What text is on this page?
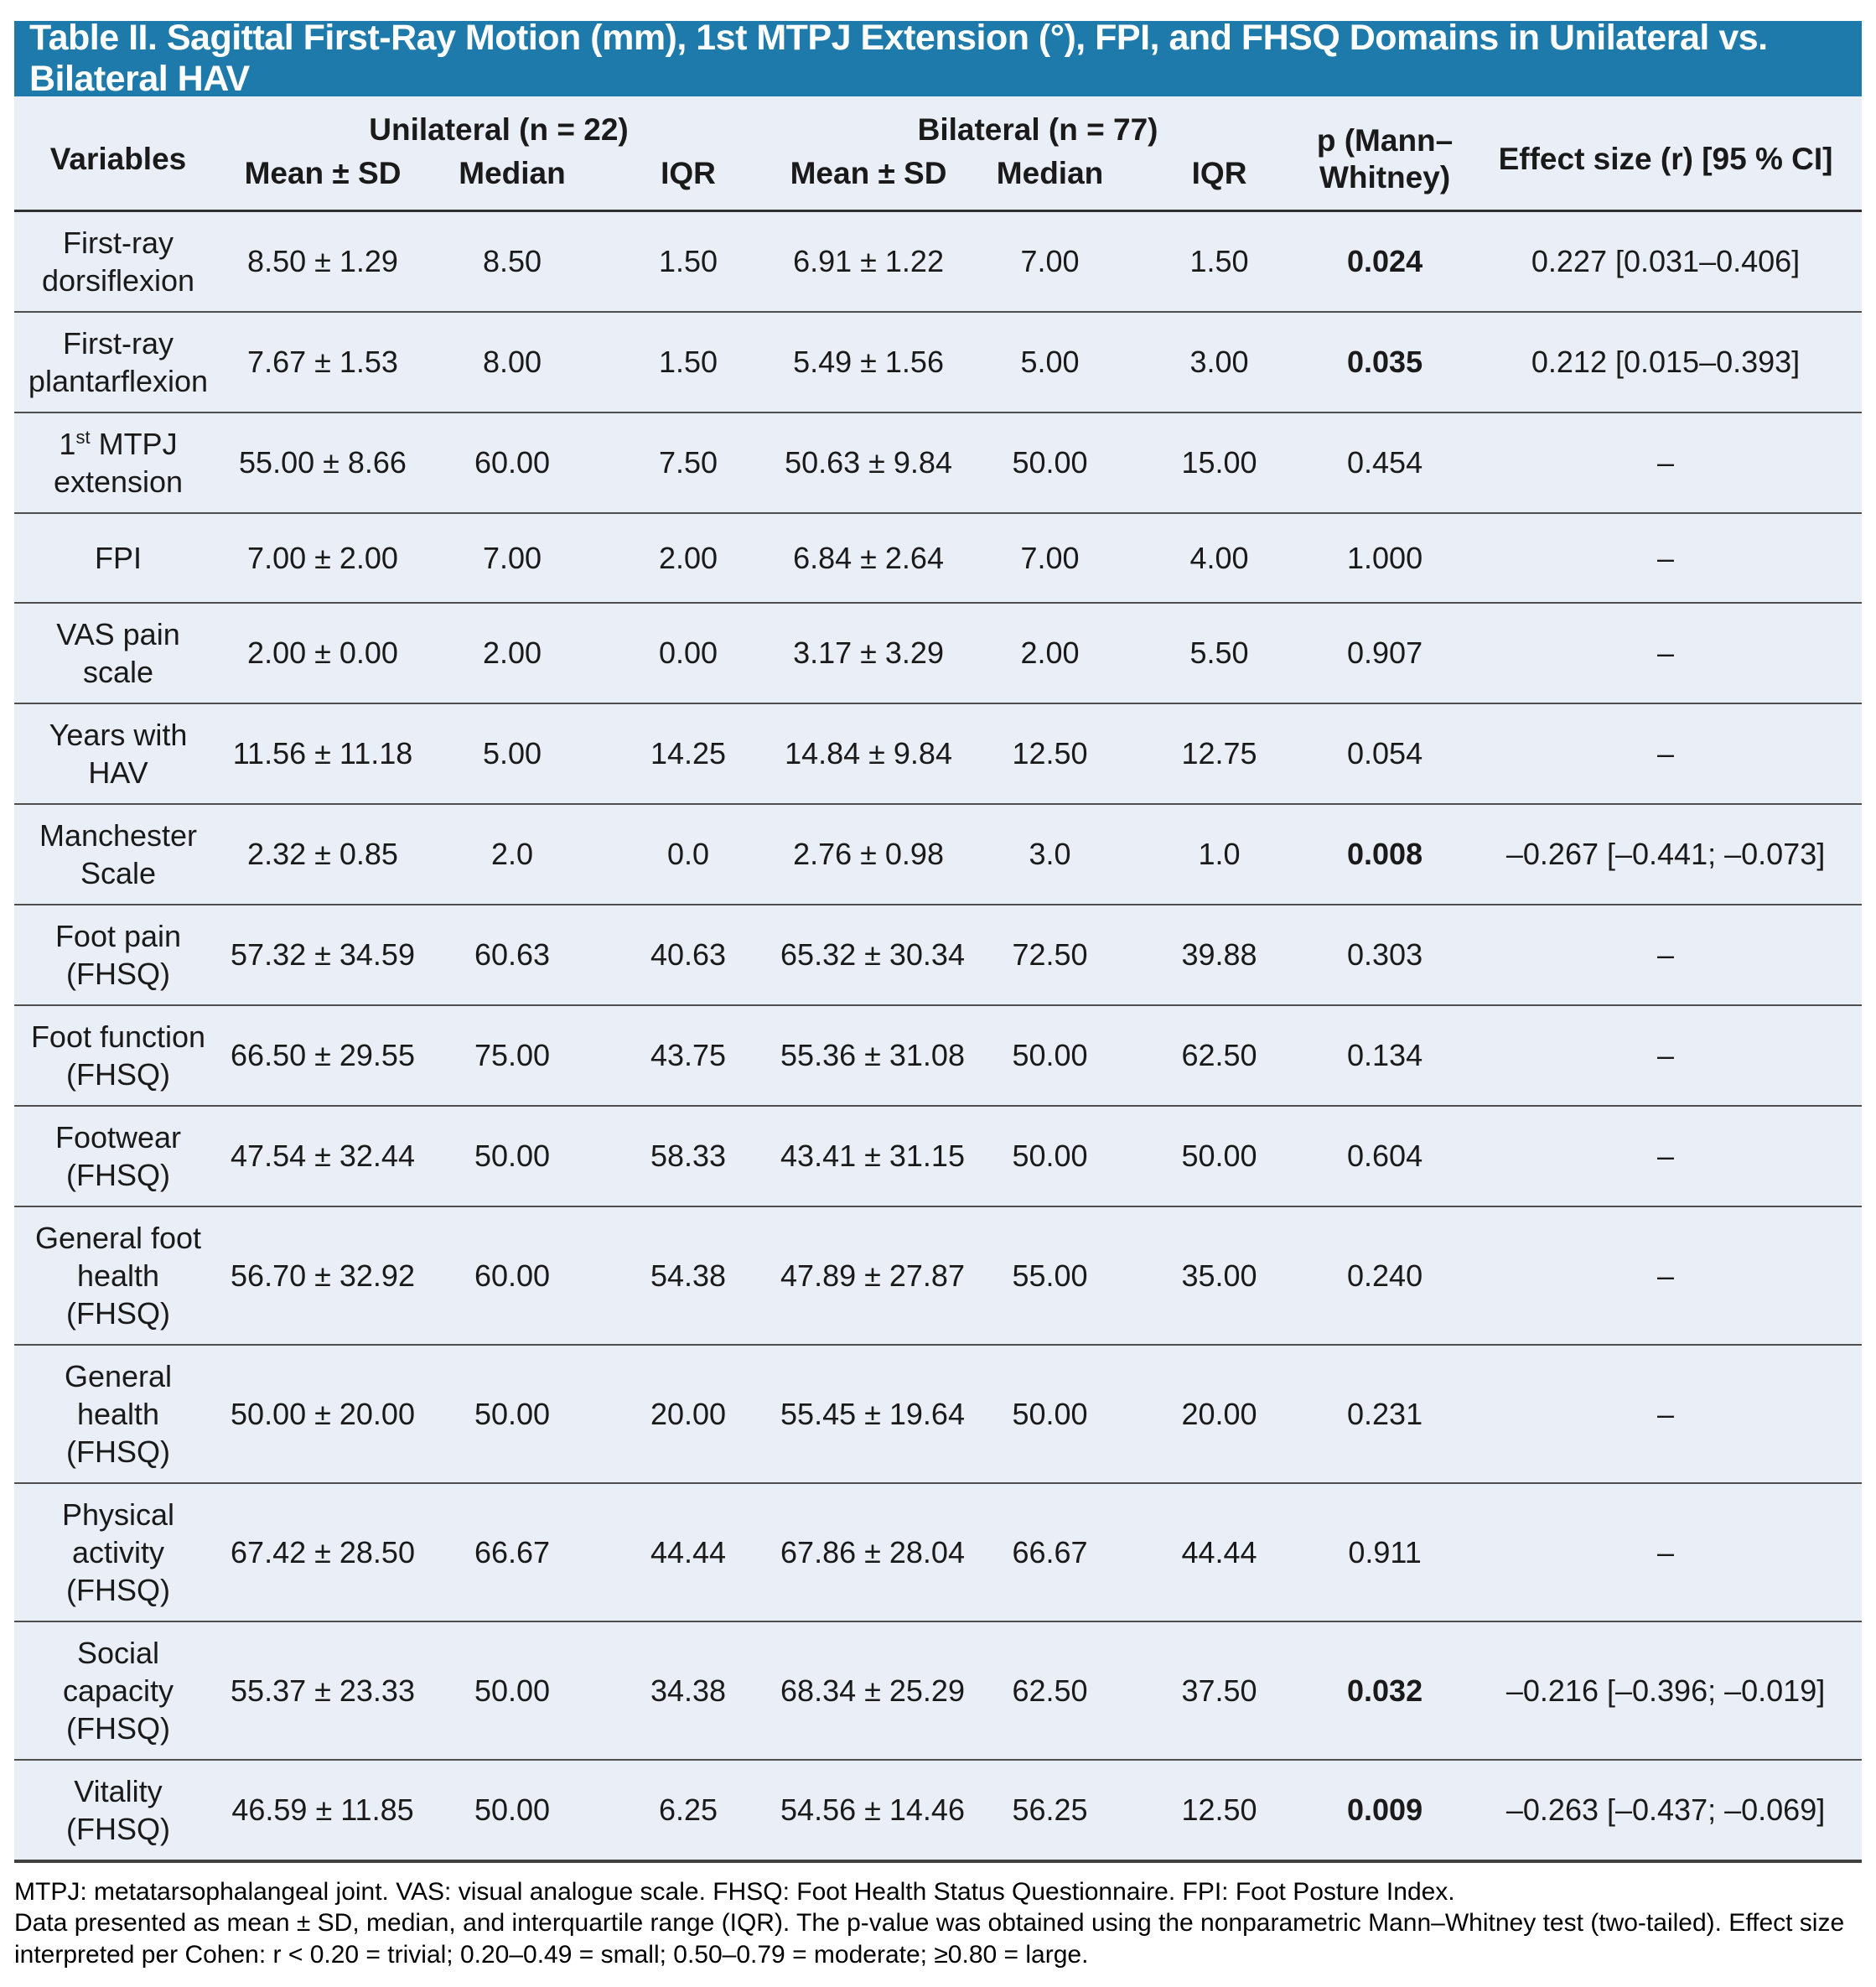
Table II. Sagittal First-Ray Motion (mm), 1st MTPJ Extension (°), FPI, and FHSQ Domains in Unilateral vs. Bilateral HAV
Variables	Unilateral (n = 22)			Bilateral (n = 77)			p (Mann–Whitney)	Effect size (r) [95 % CI]
	Mean ± SD	Median	IQR	Mean ± SD	Median	IQR		
First-ray dorsiflexion	8.50 ± 1.29	8.50	1.50	6.91 ± 1.22	7.00	1.50	0.024	0.227 [0.031–0.406]
First-ray plantarflexion	7.67 ± 1.53	8.00	1.50	5.49 ± 1.56	5.00	3.00	0.035	0.212 [0.015–0.393]
1st MTPJ extension	55.00 ± 8.66	60.00	7.50	50.63 ± 9.84	50.00	15.00	0.454	–
FPI	7.00 ± 2.00	7.00	2.00	6.84 ± 2.64	7.00	4.00	1.000	–
VAS pain scale	2.00 ± 0.00	2.00	0.00	3.17 ± 3.29	2.00	5.50	0.907	–
Years with HAV	11.56 ± 11.18	5.00	14.25	14.84 ± 9.84	12.50	12.75	0.054	–
Manchester Scale	2.32 ± 0.85	2.0	0.0	2.76 ± 0.98	3.0	1.0	0.008	–0.267 [–0.441; –0.073]
Foot pain (FHSQ)	57.32 ± 34.59	60.63	40.63	65.32 ± 30.34	72.50	39.88	0.303	–
Foot function (FHSQ)	66.50 ± 29.55	75.00	43.75	55.36 ± 31.08	50.00	62.50	0.134	–
Footwear (FHSQ)	47.54 ± 32.44	50.00	58.33	43.41 ± 31.15	50.00	50.00	0.604	–
General foot health (FHSQ)	56.70 ± 32.92	60.00	54.38	47.89 ± 27.87	55.00	35.00	0.240	–
General health (FHSQ)	50.00 ± 20.00	50.00	20.00	55.45 ± 19.64	50.00	20.00	0.231	–
Physical activity (FHSQ)	67.42 ± 28.50	66.67	44.44	67.86 ± 28.04	66.67	44.44	0.911	–
Social capacity (FHSQ)	55.37 ± 23.33	50.00	34.38	68.34 ± 25.29	62.50	37.50	0.032	–0.216 [–0.396; –0.019]
Vitality (FHSQ)	46.59 ± 11.85	50.00	6.25	54.56 ± 14.46	56.25	12.50	0.009	–0.263 [–0.437; –0.069]

MTPJ: metatarsophalangeal joint. VAS: visual analogue scale. FHSQ: Foot Health Status Questionnaire. FPI: Foot Posture Index.

Data presented as mean ± SD, median, and interquartile range (IQR). The p-value was obtained using the nonparametric Mann–Whitney test (two-tailed). Effect size interpreted per Cohen: r < 0.20 = trivial; 0.20–0.49 = small; 0.50–0.79 = moderate; ≥0.80 = large.
